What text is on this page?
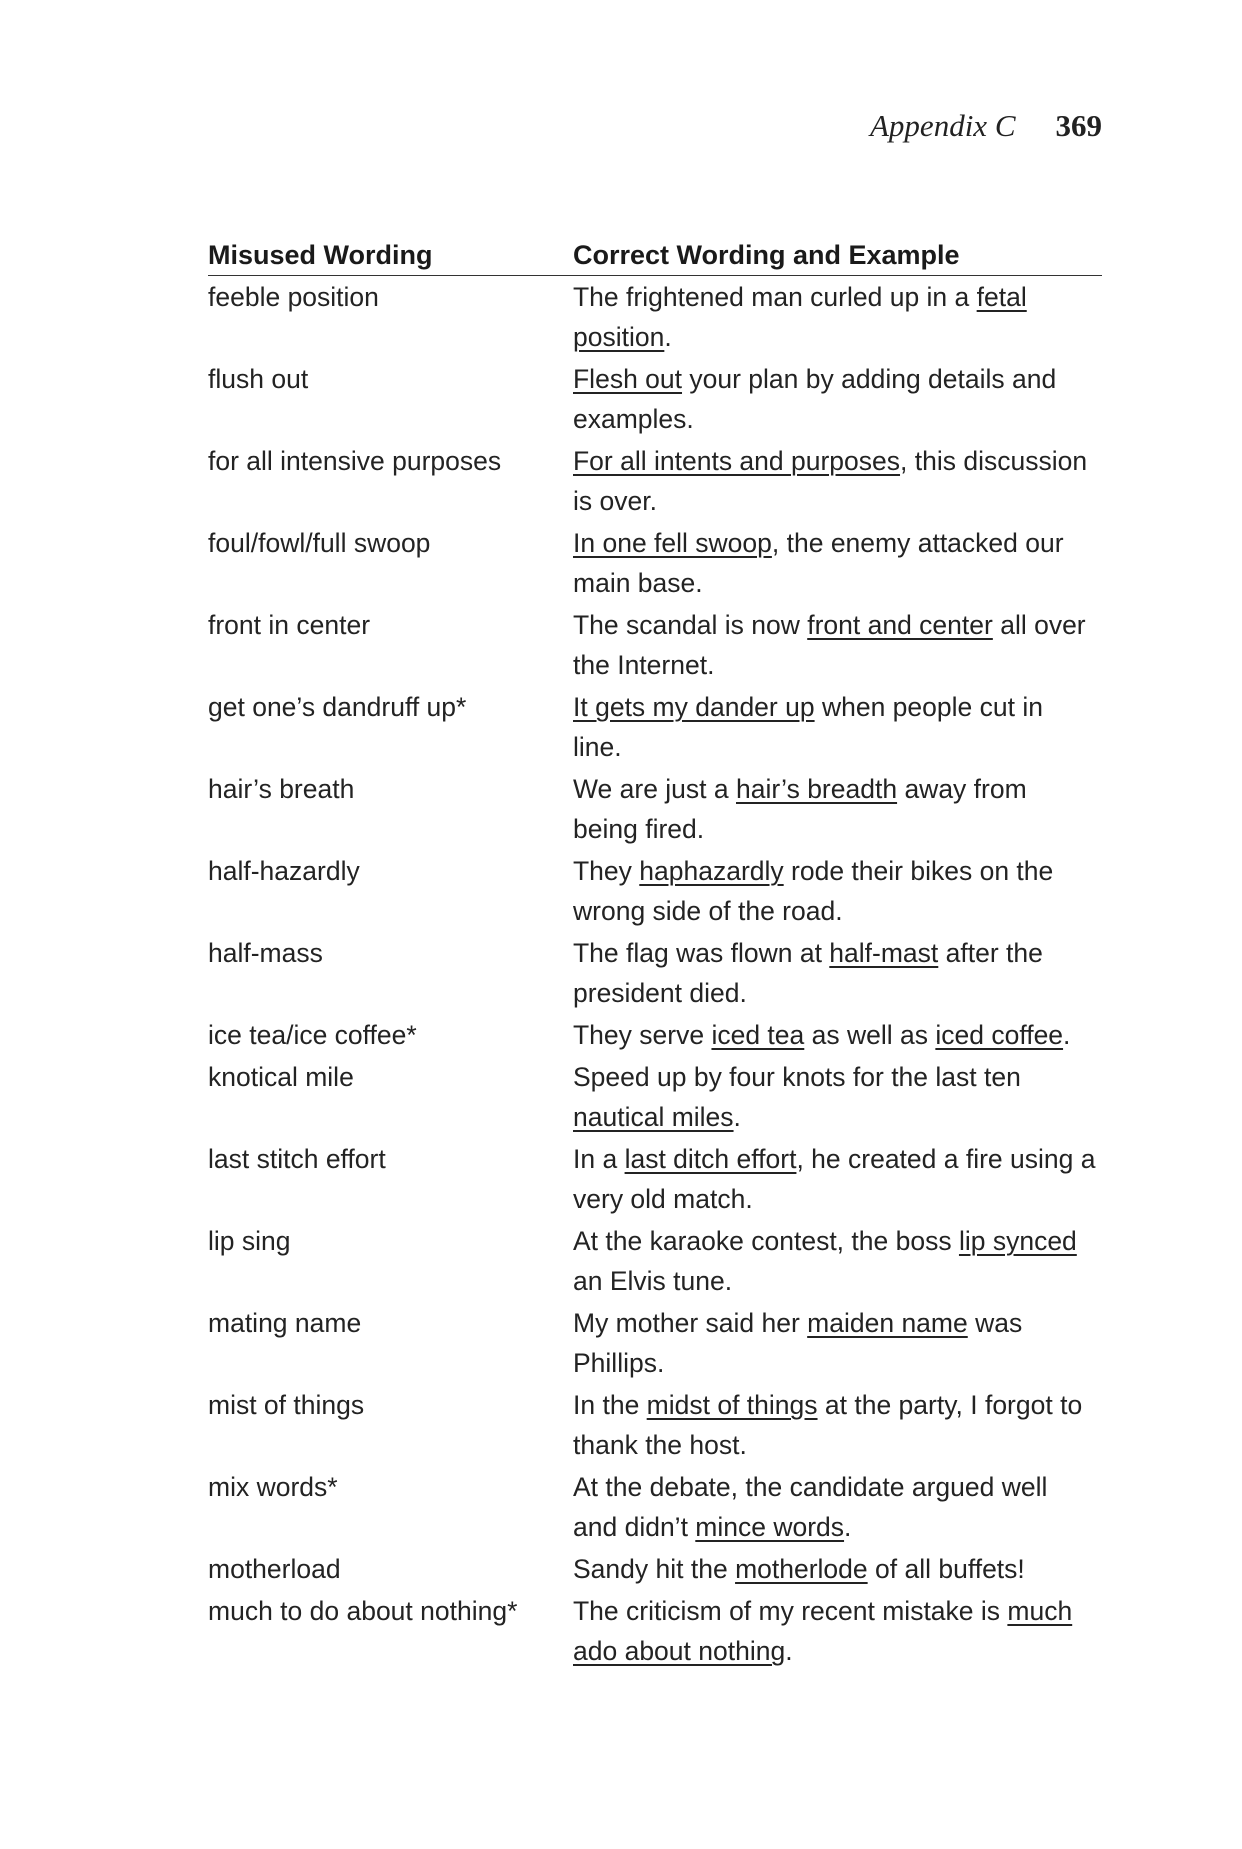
Appendix C 369
Misused Wording	Correct Wording and Example
feeble position	The frightened man curled up in a fetal position.
flush out	Flesh out your plan by adding details and examples.
for all intensive purposes	For all intents and purposes, this discussion is over.
foul/fowl/full swoop	In one fell swoop, the enemy attacked our main base.
front in center	The scandal is now front and center all over the Internet.
get one’s dandruff up*	It gets my dander up when people cut in line.
hair’s breath	We are just a hair’s breadth away from being fired.
half-hazardly	They haphazardly rode their bikes on the wrong side of the road.
half-mass	The flag was flown at half-mast after the president died.
ice tea/ice coffee*	They serve iced tea as well as iced coffee.
knotical mile	Speed up by four knots for the last ten nautical miles.
last stitch effort	In a last ditch effort, he created a fire using a very old match.
lip sing	At the karaoke contest, the boss lip synced an Elvis tune.
mating name	My mother said her maiden name was Phillips.
mist of things	In the midst of things at the party, I forgot to thank the host.
mix words*	At the debate, the candidate argued well and didn’t mince words.
motherload	Sandy hit the motherlode of all buffets!
much to do about nothing*	The criticism of my recent mistake is much ado about nothing.
